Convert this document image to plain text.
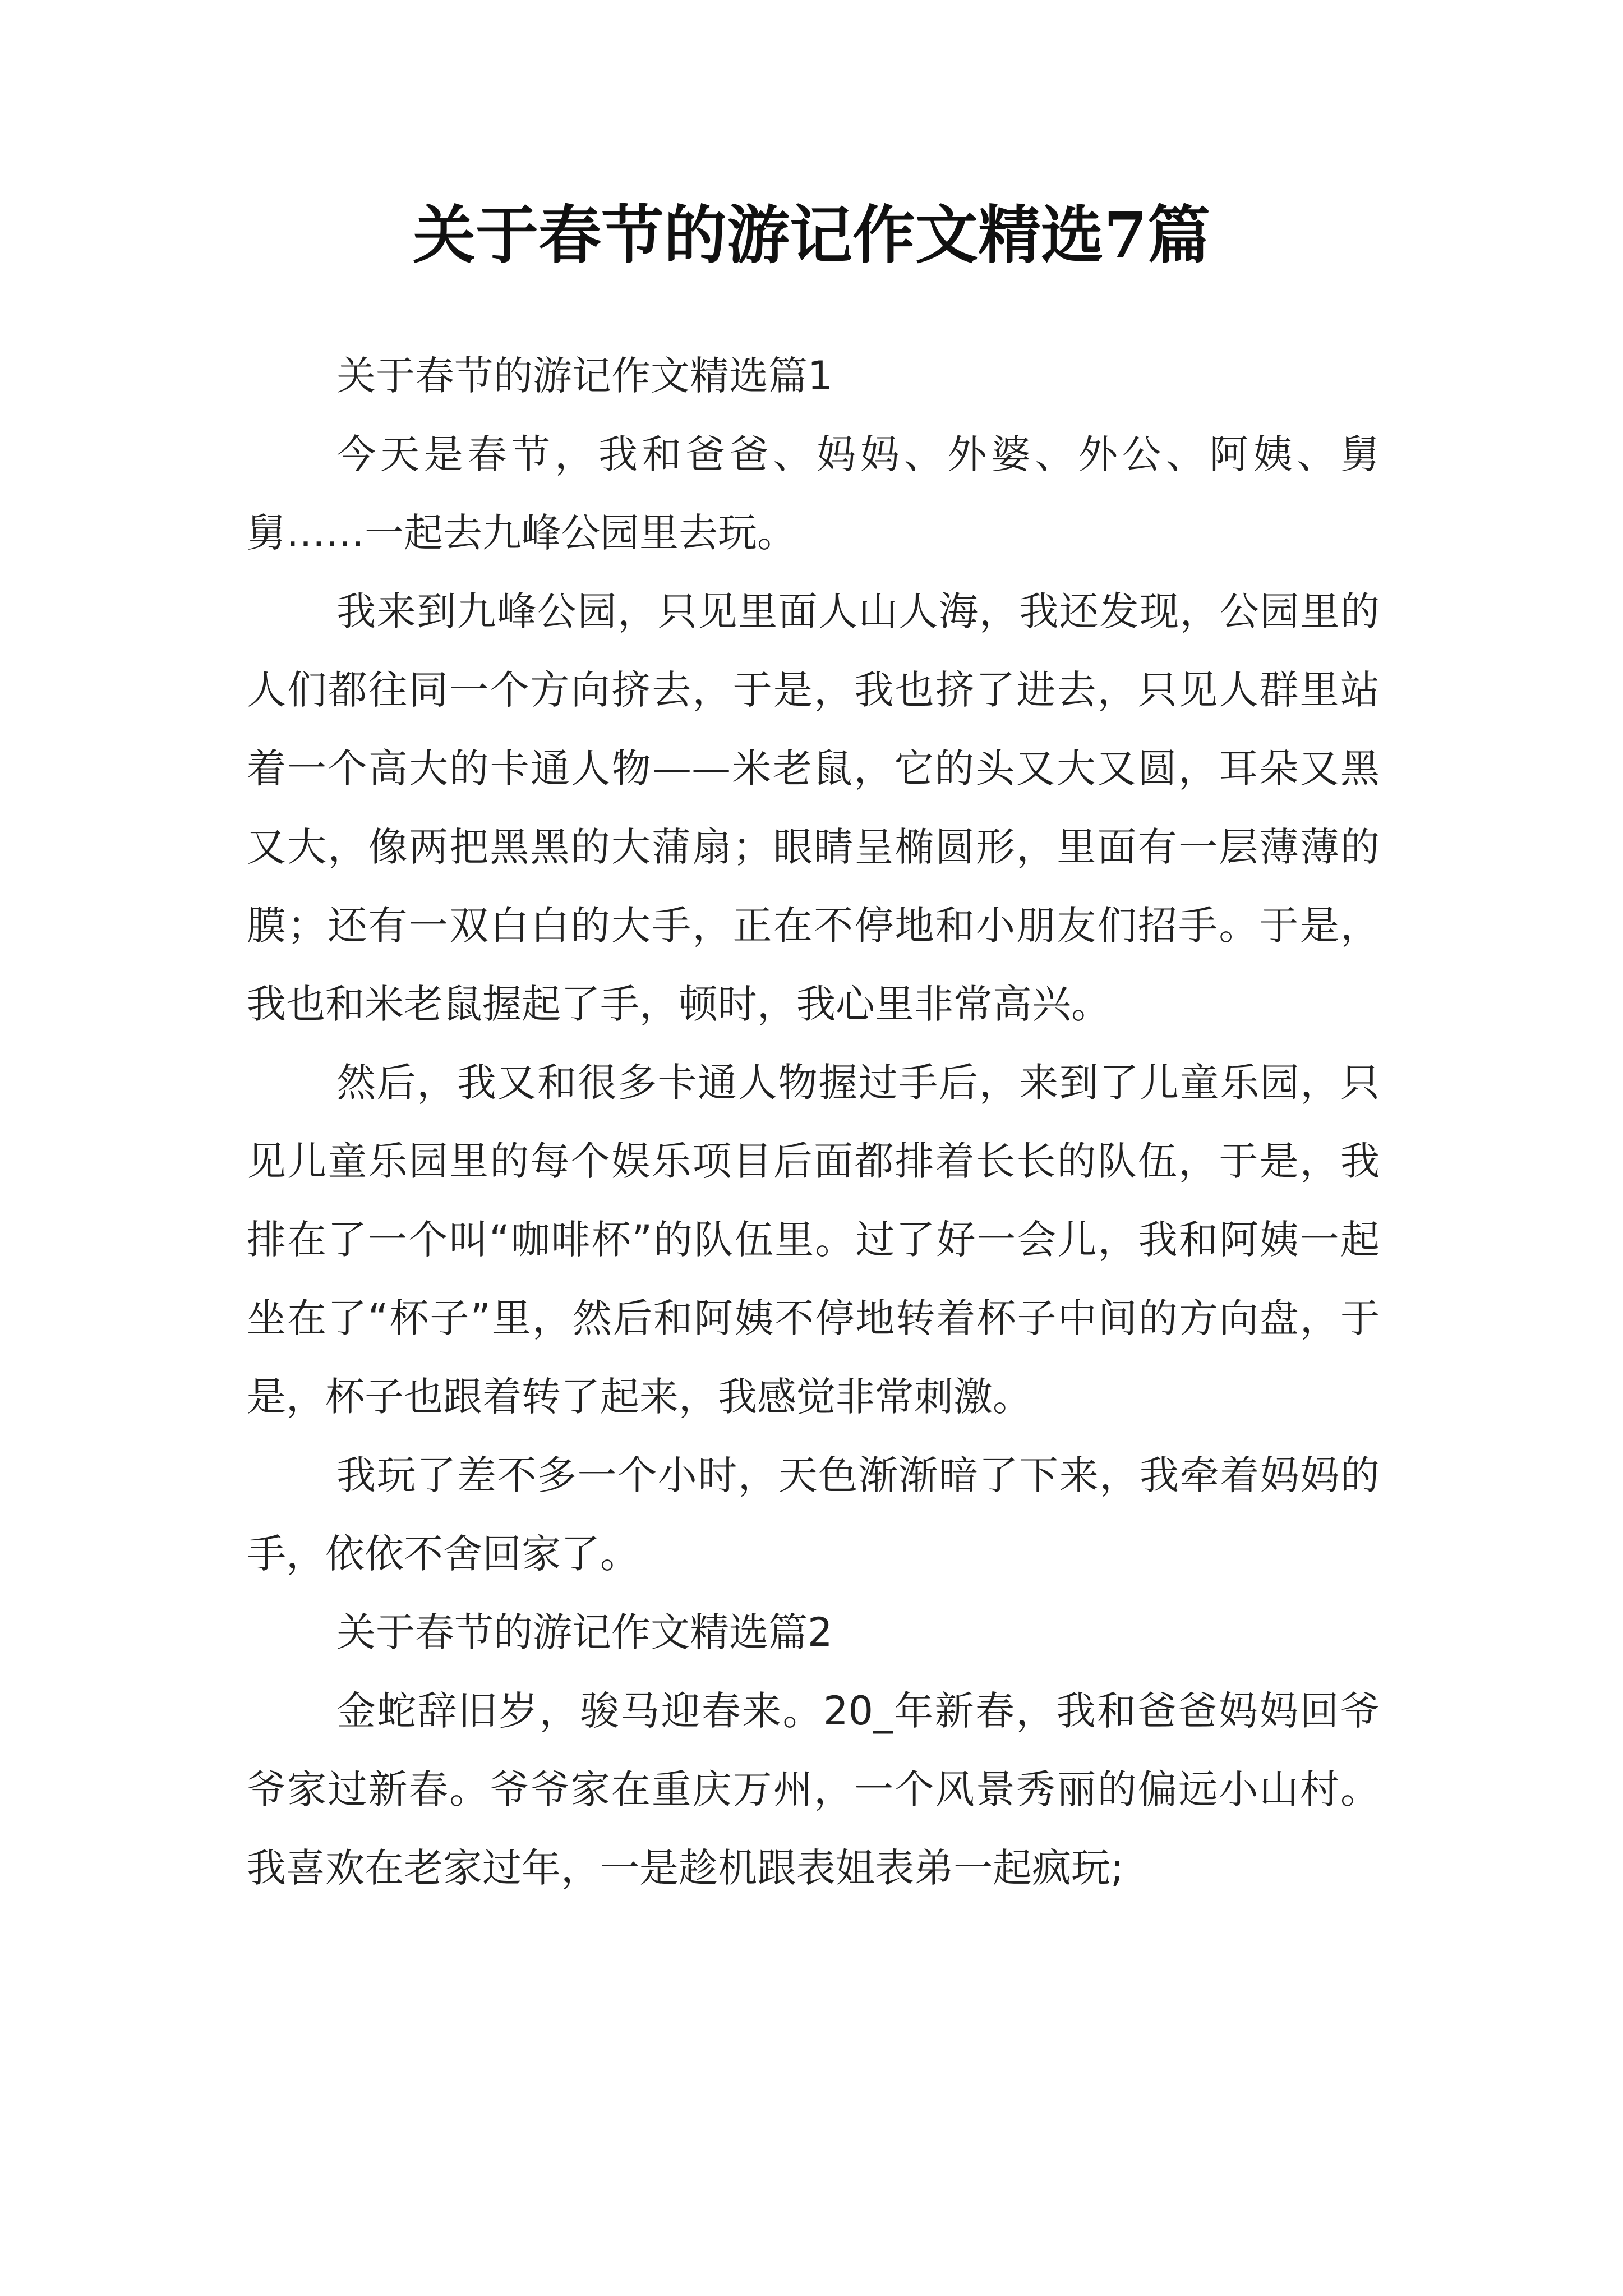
关于春节的游记作文精选7篇

关于春节的游记作文精选篇1

今天是春节，我和爸爸、妈妈、外婆、外公、阿姨、舅舅……一起去九峰公园里去玩。

我来到九峰公园，只见里面人山人海，我还发现，公园里的人们都往同一个方向挤去，于是，我也挤了进去，只见人群里站着一个高大的卡通人物——米老鼠，它的头又大又圆，耳朵又黑又大，像两把黑黑的大蒲扇；眼睛呈椭圆形，里面有一层薄薄的膜；还有一双白白的大手，正在不停地和小朋友们招手。于是，我也和米老鼠握起了手，顿时，我心里非常高兴。

然后，我又和很多卡通人物握过手后，来到了儿童乐园，只见儿童乐园里的每个娱乐项目后面都排着长长的队伍，于是，我排在了一个叫“咖啡杯”的队伍里。过了好一会儿，我和阿姨一起坐在了“杯子”里，然后和阿姨不停地转着杯子中间的方向盘，于是，杯子也跟着转了起来，我感觉非常刺激。

我玩了差不多一个小时，天色渐渐暗了下来，我牵着妈妈的手，依依不舍回家了。

关于春节的游记作文精选篇2

金蛇辞旧岁，骏马迎春来。20_年新春，我和爸爸妈妈回爷爷家过新春。爷爷家在重庆万州，一个风景秀丽的偏远小山村。我喜欢在老家过年，一是趁机跟表姐表弟一起疯玩;
